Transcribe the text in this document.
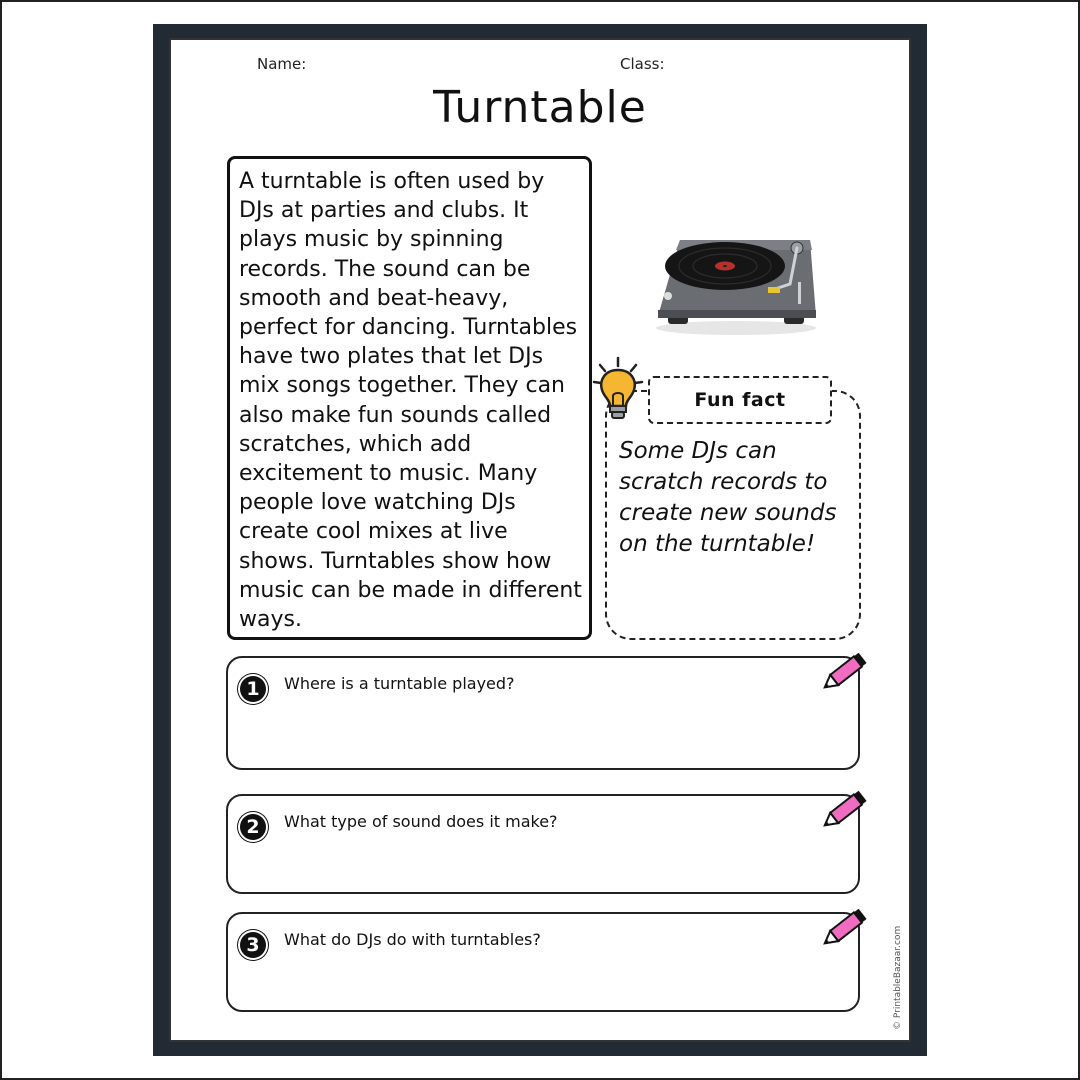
Name:	Class:
Turntable

A turntable is often used by DJs at parties and clubs. It plays music by spinning records. The sound can be smooth and beat-heavy, perfect for dancing. Turntables have two plates that let DJs mix songs together. They can also make fun sounds called scratches, which add excitement to music. Many people love watching DJs create cool mixes at live shows. Turntables show how music can be made in different ways.

Fun fact

Some DJs can scratch records to create new sounds on the turntable!

1	Where is a turntable played?
2	What type of sound does it make?
3	What do DJs do with turntables?	© PrintableBazaar.com
